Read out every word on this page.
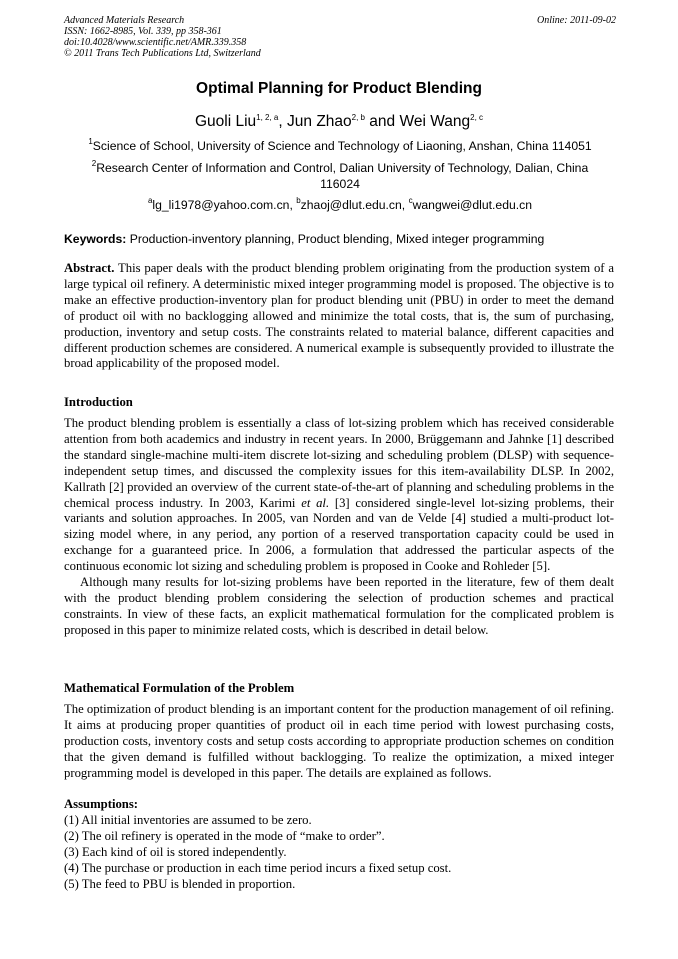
Advanced Materials Research
ISSN: 1662-8985, Vol. 339, pp 358-361
doi:10.4028/www.scientific.net/AMR.339.358
© 2011 Trans Tech Publications Ltd, Switzerland
Online: 2011-09-02
Optimal Planning for Product Blending
Guoli Liu$^{1, 2, a}$, Jun Zhao$^{2, b}$ and Wei Wang$^{2, c}$
$^1$Science of School, University of Science and Technology of Liaoning, Anshan, China 114051
$^2$Research Center of Information and Control, Dalian University of Technology, Dalian, China 116024
$^a$lg_li1978@yahoo.com.cn, $^b$zhaoj@dlut.edu.cn, $^c$wangwei@dlut.edu.cn
Keywords: Production-inventory planning, Product blending, Mixed integer programming

Abstract. This paper deals with the product blending problem originating from the production system of a large typical oil refinery. A deterministic mixed integer programming model is proposed. The objective is to make an effective production-inventory plan for product blending unit (PBU) in order to meet the demand of product oil with no backlogging allowed and minimize the total costs, that is, the sum of purchasing, production, inventory and setup costs. The constraints related to material balance, different capacities and different production schemes are considered. A numerical example is subsequently provided to illustrate the broad applicability of the proposed model.

Introduction

The product blending problem is essentially a class of lot-sizing problem which has received considerable attention from both academics and industry in recent years. In 2000, Brüggemann and Jahnke [1] described the standard single-machine multi-item discrete lot-sizing and scheduling problem (DLSP) with sequence-independent setup times, and discussed the complexity issues for this item-availability DLSP. In 2002, Kallrath [2] provided an overview of the current state-of-the-art of planning and scheduling problems in the chemical process industry. In 2003, Karimi et al. [3] considered single-level lot-sizing problems, their variants and solution approaches. In 2005, van Norden and van de Velde [4] studied a multi-product lot-sizing model where, in any period, any portion of a reserved transportation capacity could be used in exchange for a guaranteed price. In 2006, a formulation that addressed the particular aspects of the continuous economic lot sizing and scheduling problem is proposed in Cooke and Rohleder [5].

Although many results for lot-sizing problems have been reported in the literature, few of them dealt with the product blending problem considering the selection of production schemes and practical constraints. In view of these facts, an explicit mathematical formulation for the complicated problem is proposed in this paper to minimize related costs, which is described in detail below.

Mathematical Formulation of the Problem

The optimization of product blending is an important content for the production management of oil refining. It aims at producing proper quantities of product oil in each time period with lowest purchasing costs, production costs, inventory costs and setup costs according to appropriate production schemes on condition that the given demand is fulfilled without backlogging. To realize the optimization, a mixed integer programming model is developed in this paper. The details are explained as follows.

Assumptions:
(1) All initial inventories are assumed to be zero.
(2) The oil refinery is operated in the mode of “make to order”.
(3) Each kind of oil is stored independently.
(4) The purchase or production in each time period incurs a fixed setup cost.
(5) The feed to PBU is blended in proportion.
